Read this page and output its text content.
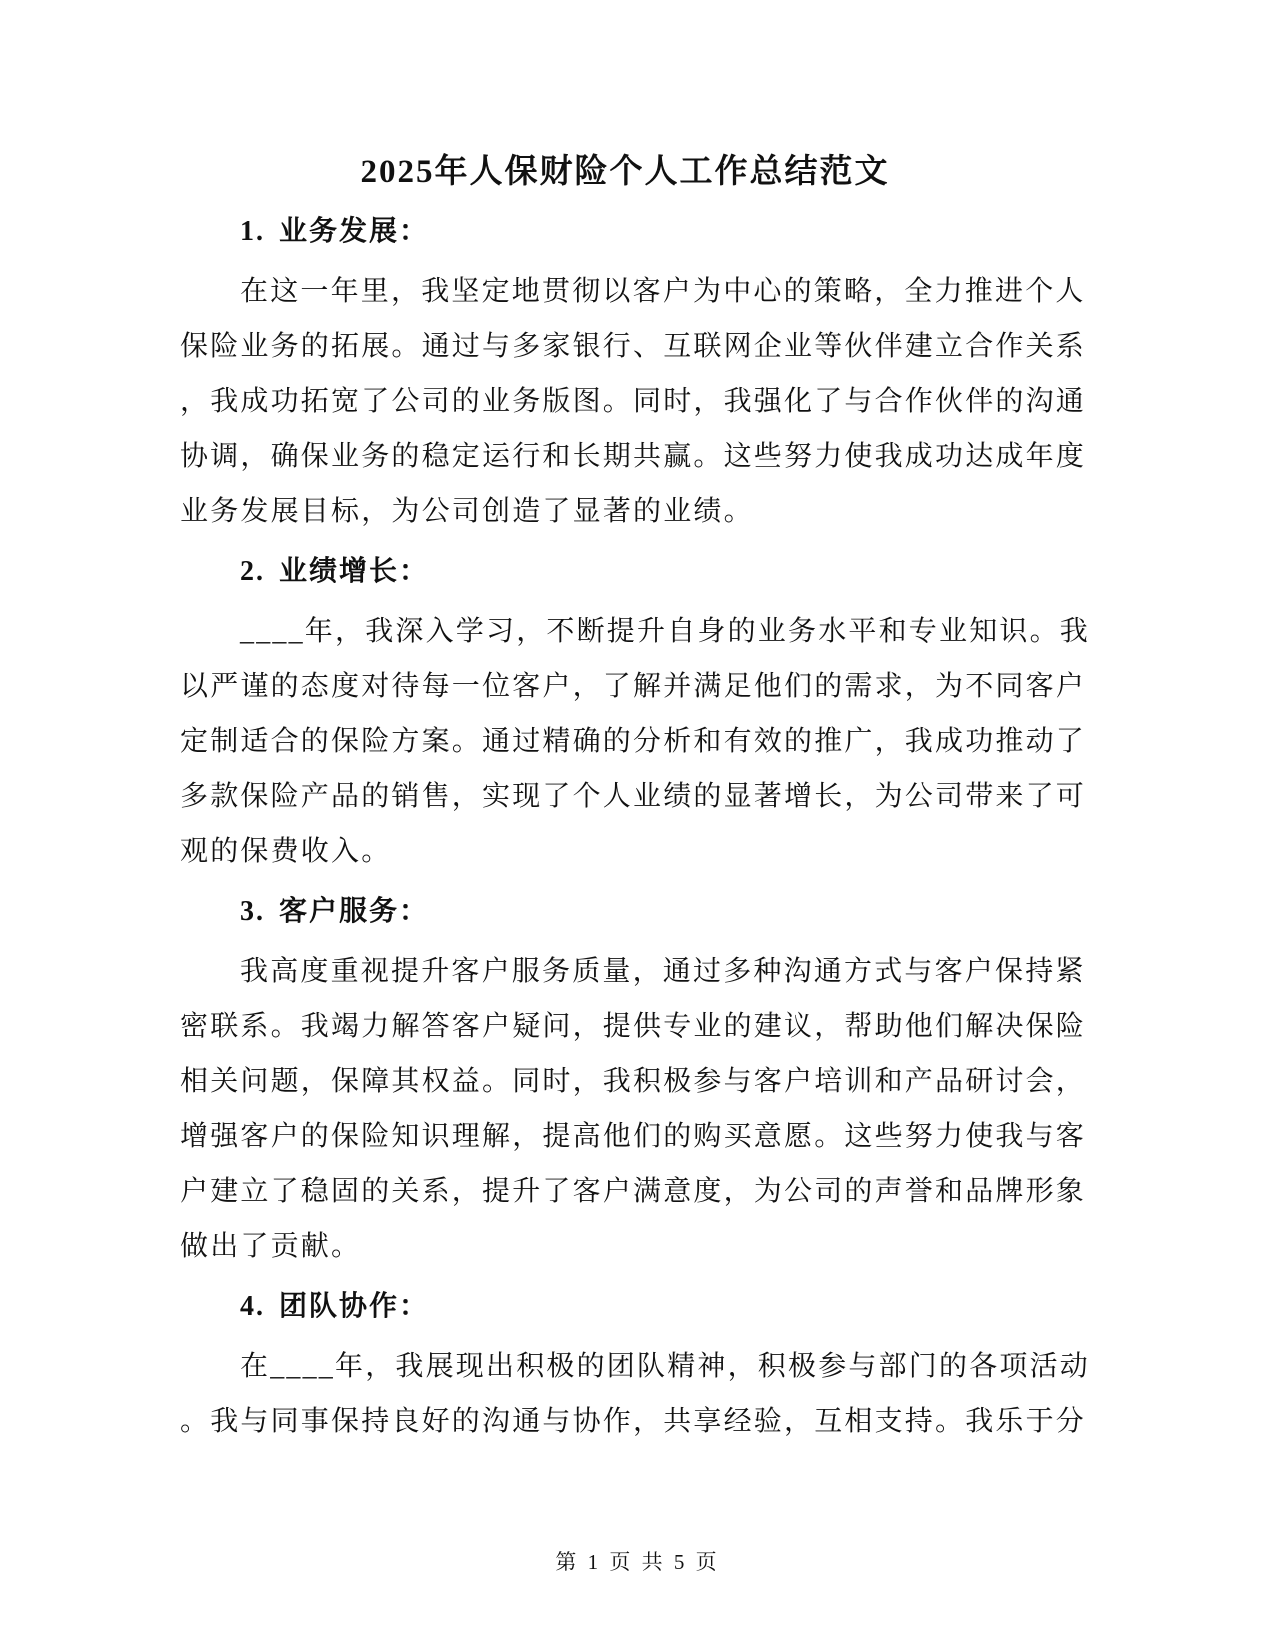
2025年人保财险个人工作总结范文
1. 业务发展：
在这一年里，我坚定地贯彻以客户为中心的策略，全力推进个人
保险业务的拓展。通过与多家银行、互联网企业等伙伴建立合作关系
，我成功拓宽了公司的业务版图。同时，我强化了与合作伙伴的沟通
协调，确保业务的稳定运行和长期共赢。这些努力使我成功达成年度
业务发展目标，为公司创造了显著的业绩。
2. 业绩增长：
____年，我深入学习，不断提升自身的业务水平和专业知识。我
以严谨的态度对待每一位客户，了解并满足他们的需求，为不同客户
定制适合的保险方案。通过精确的分析和有效的推广，我成功推动了
多款保险产品的销售，实现了个人业绩的显著增长，为公司带来了可
观的保费收入。
3. 客户服务：
我高度重视提升客户服务质量，通过多种沟通方式与客户保持紧
密联系。我竭力解答客户疑问，提供专业的建议，帮助他们解决保险
相关问题，保障其权益。同时，我积极参与客户培训和产品研讨会，
增强客户的保险知识理解，提高他们的购买意愿。这些努力使我与客
户建立了稳固的关系，提升了客户满意度，为公司的声誉和品牌形象
做出了贡献。
4. 团队协作：
在____年，我展现出积极的团队精神，积极参与部门的各项活动
。我与同事保持良好的沟通与协作，共享经验，互相支持。我乐于分
第 1 页 共 5 页
